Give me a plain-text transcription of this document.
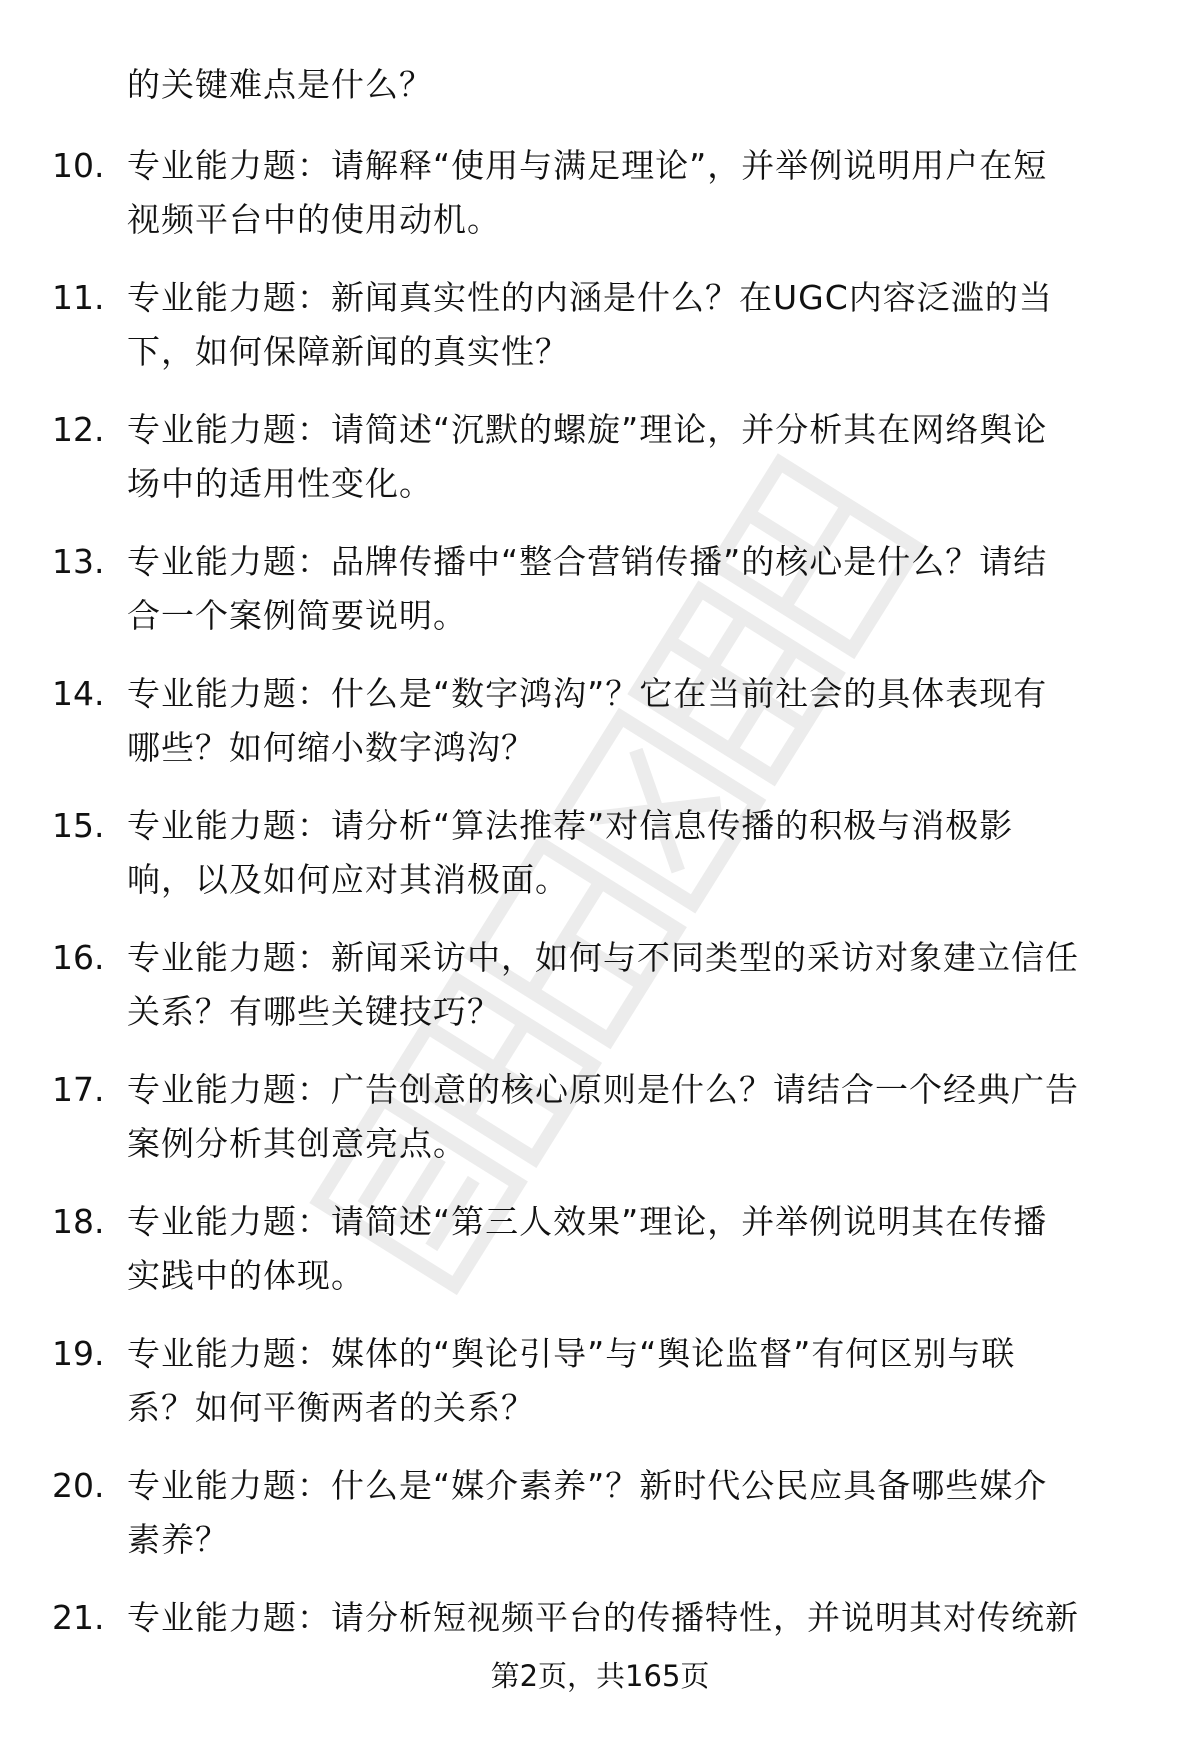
的关键难点是什么？
10. 专业能力题：请解释“使用与满足理论”，并举例说明用户在短
视频平台中的使用动机。
11. 专业能力题：新闻真实性的内涵是什么？在UGC内容泛滥的当
下，如何保障新闻的真实性？
12. 专业能力题：请简述“沉默的螺旋”理论，并分析其在网络舆论
场中的适用性变化。
13. 专业能力题：品牌传播中“整合营销传播”的核心是什么？请结
合一个案例简要说明。
14. 专业能力题：什么是“数字鸿沟”？它在当前社会的具体表现有
哪些？如何缩小数字鸿沟？
15. 专业能力题：请分析“算法推荐”对信息传播的积极与消极影
响，以及如何应对其消极面。
16. 专业能力题：新闻采访中，如何与不同类型的采访对象建立信任
关系？有哪些关键技巧？
17. 专业能力题：广告创意的核心原则是什么？请结合一个经典广告
案例分析其创意亮点。
18. 专业能力题：请简述“第三人效果”理论，并举例说明其在传播
实践中的体现。
19. 专业能力题：媒体的“舆论引导”与“舆论监督”有何区别与联
系？如何平衡两者的关系？
20. 专业能力题：什么是“媒介素养”？新时代公民应具备哪些媒介
素养？
21. 专业能力题：请分析短视频平台的传播特性，并说明其对传统新
第2页，共165页
